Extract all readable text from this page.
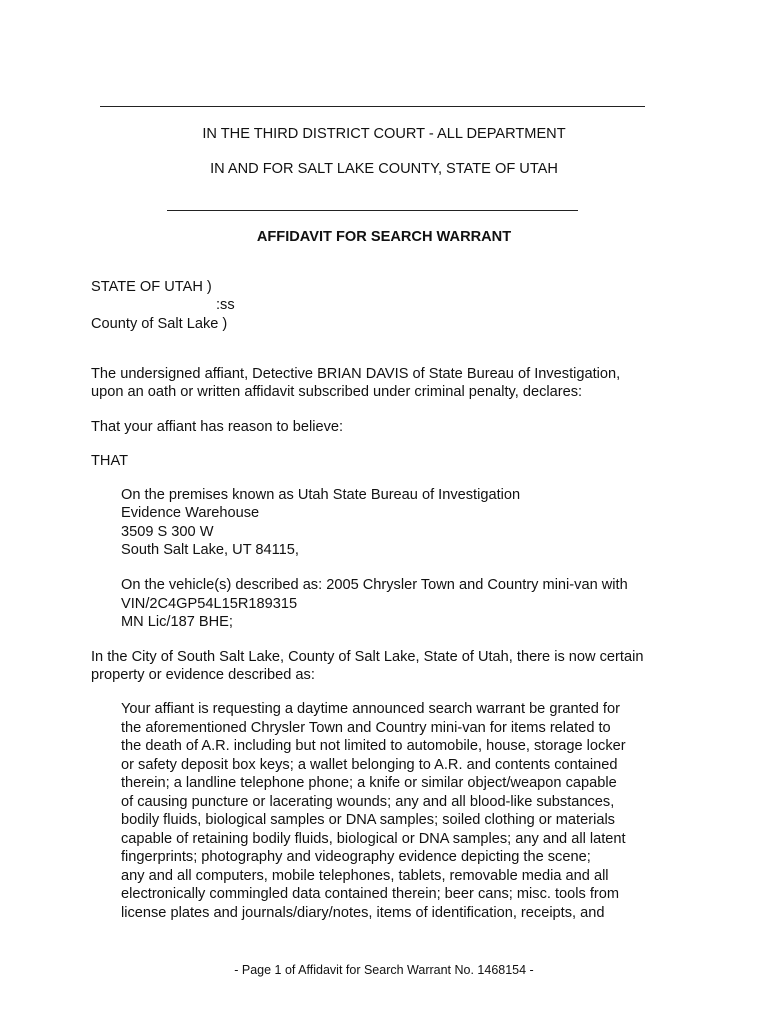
IN THE THIRD DISTRICT COURT - ALL DEPARTMENT
IN AND FOR SALT LAKE COUNTY, STATE OF UTAH
AFFIDAVIT FOR SEARCH WARRANT
STATE OF UTAH )
:ss
County of Salt Lake )
The undersigned affiant, Detective BRIAN DAVIS of State Bureau of Investigation,
upon an oath or written affidavit subscribed under criminal penalty, declares:
That your affiant has reason to believe:
THAT
On the premises known as Utah State Bureau of Investigation
Evidence Warehouse
3509 S 300 W
South Salt Lake, UT 84115,
On the vehicle(s) described as: 2005 Chrysler Town and Country mini-van with
VIN/2C4GP54L15R189315
MN Lic/187 BHE;
In the City of South Salt Lake, County of Salt Lake, State of Utah, there is now certain
property or evidence described as:
Your affiant is requesting a daytime announced search warrant be granted for
the aforementioned Chrysler Town and Country mini-van for items related to
the death of A.R. including but not limited to automobile, house, storage locker
or safety deposit box keys; a wallet belonging to A.R. and contents contained
therein; a landline telephone phone; a knife or similar object/weapon capable
of causing puncture or lacerating wounds; any and all blood-like substances,
bodily fluids, biological samples or DNA samples; soiled clothing or materials
capable of retaining bodily fluids, biological or DNA samples; any and all latent
fingerprints; photography and videography evidence depicting the scene;
any and all computers, mobile telephones, tablets, removable media and all
electronically commingled data contained therein; beer cans; misc. tools from
license plates and journals/diary/notes, items of identification, receipts, and
- Page 1 of Affidavit for Search Warrant No. 1468154 -
